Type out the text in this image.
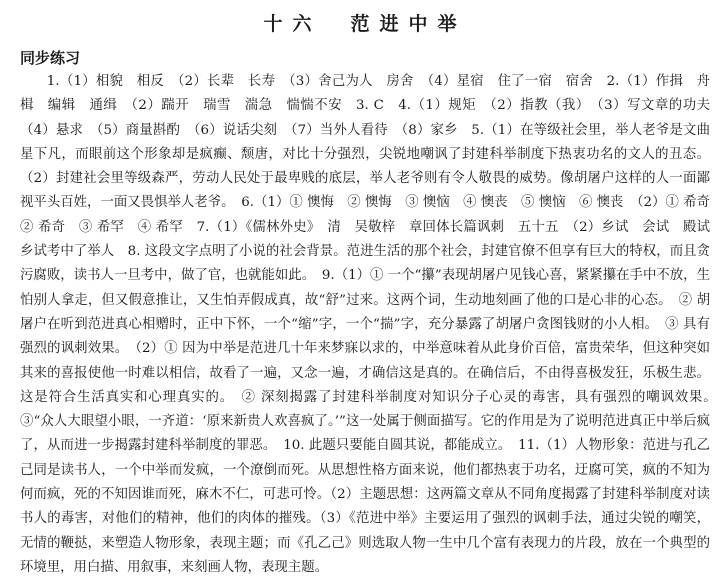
十六　范进中举
同步练习

1.（1）相貌　相反　（2）长辈　长寿　（3）舍己为人　房舍　（4）星宿　住了一宿　宿舍　2.（1）作揖　舟楫　编辑　通缉　（2）踹开　瑞雪　湍急　惴惴不安　3. C　4.（1）规矩　（2）指教（我）　（3）写文章的功夫　（4）悬求　（5）商量斟酌　（6）说话尖刻　（7）当外人看待　（8）家乡　5.（1）在等级社会里，举人老爷是文曲星下凡，而眼前这个形象却是疯癫、颓唐，对比十分强烈，尖锐地嘲讽了封建科举制度下热衷功名的文人的丑态。（2）封建社会里等级森严，劳动人民处于最卑贱的底层，举人老爷则有令人敬畏的威势。像胡屠户这样的人一面鄙视平头百姓，一面又畏惧举人老爷。　6.（1）① 懊悔　② 懊悔　③ 懊恼　④ 懊丧　⑤ 懊恼　⑥ 懊丧　（2）① 希奇　② 希奇　③ 希罕　④ 希罕　7.（1）《儒林外史》　清　吴敬梓　章回体长篇讽刺　五十五　（2）乡试　会试　殿试　乡试考中了举人　8. 这段文字点明了小说的社会背景。范进生活的那个社会，封建官僚不但享有巨大的特权，而且贪污腐败，读书人一旦考中，做了官，也就能如此。　9.（1）① 一个“攥”表现胡屠户见钱心喜，紧紧攥在手中不放，生怕别人拿走，但又假意推让，又生怕弄假成真，故“舒”过来。这两个词，生动地刻画了他的口是心非的心态。　② 胡屠户在听到范进真心相赠时，正中下怀，一个“缩”字，一个“揣”字，充分暴露了胡屠户贪图钱财的小人相。　③ 具有强烈的讽刺效果。　（2）① 因为中举是范进几十年来梦寐以求的，中举意味着从此身价百倍，富贵荣华，但这种突如其来的喜报使他一时难以相信，故看了一遍，又念一遍，才确信这是真的。在确信后，不由得喜极发狂，乐极生悲。这是符合生活真实和心理真实的。　② 深刻揭露了封建科举制度对知识分子心灵的毒害，具有强烈的嘲讽效果。　③“众人大眼望小眼，一齐道：‘原来新贵人欢喜疯了。’”这一处属于侧面描写。它的作用是为了说明范进真正中举后疯了，从而进一步揭露封建科举制度的罪恶。　10. 此题只要能自圆其说，都能成立。　11.（1）人物形象：范进与孔乙己同是读书人，一个中举而发疯，一个潦倒而死。从思想性格方面来说，他们都热衷于功名，迂腐可笑，疯的不知为何而疯，死的不知因谁而死，麻木不仁，可悲可怜。（2）主题思想：这两篇文章从不同角度揭露了封建科举制度对读书人的毒害，对他们的精神，他们的肉体的摧残。（3）《范进中举》主要运用了强烈的讽刺手法，通过尖锐的嘲笑，无情的鞭挞，来塑造人物形象，表现主题；而《孔乙己》则选取人物一生中几个富有表现力的片段，放在一个典型的环境里，用白描、用叙事，来刻画人物，表现主题。
